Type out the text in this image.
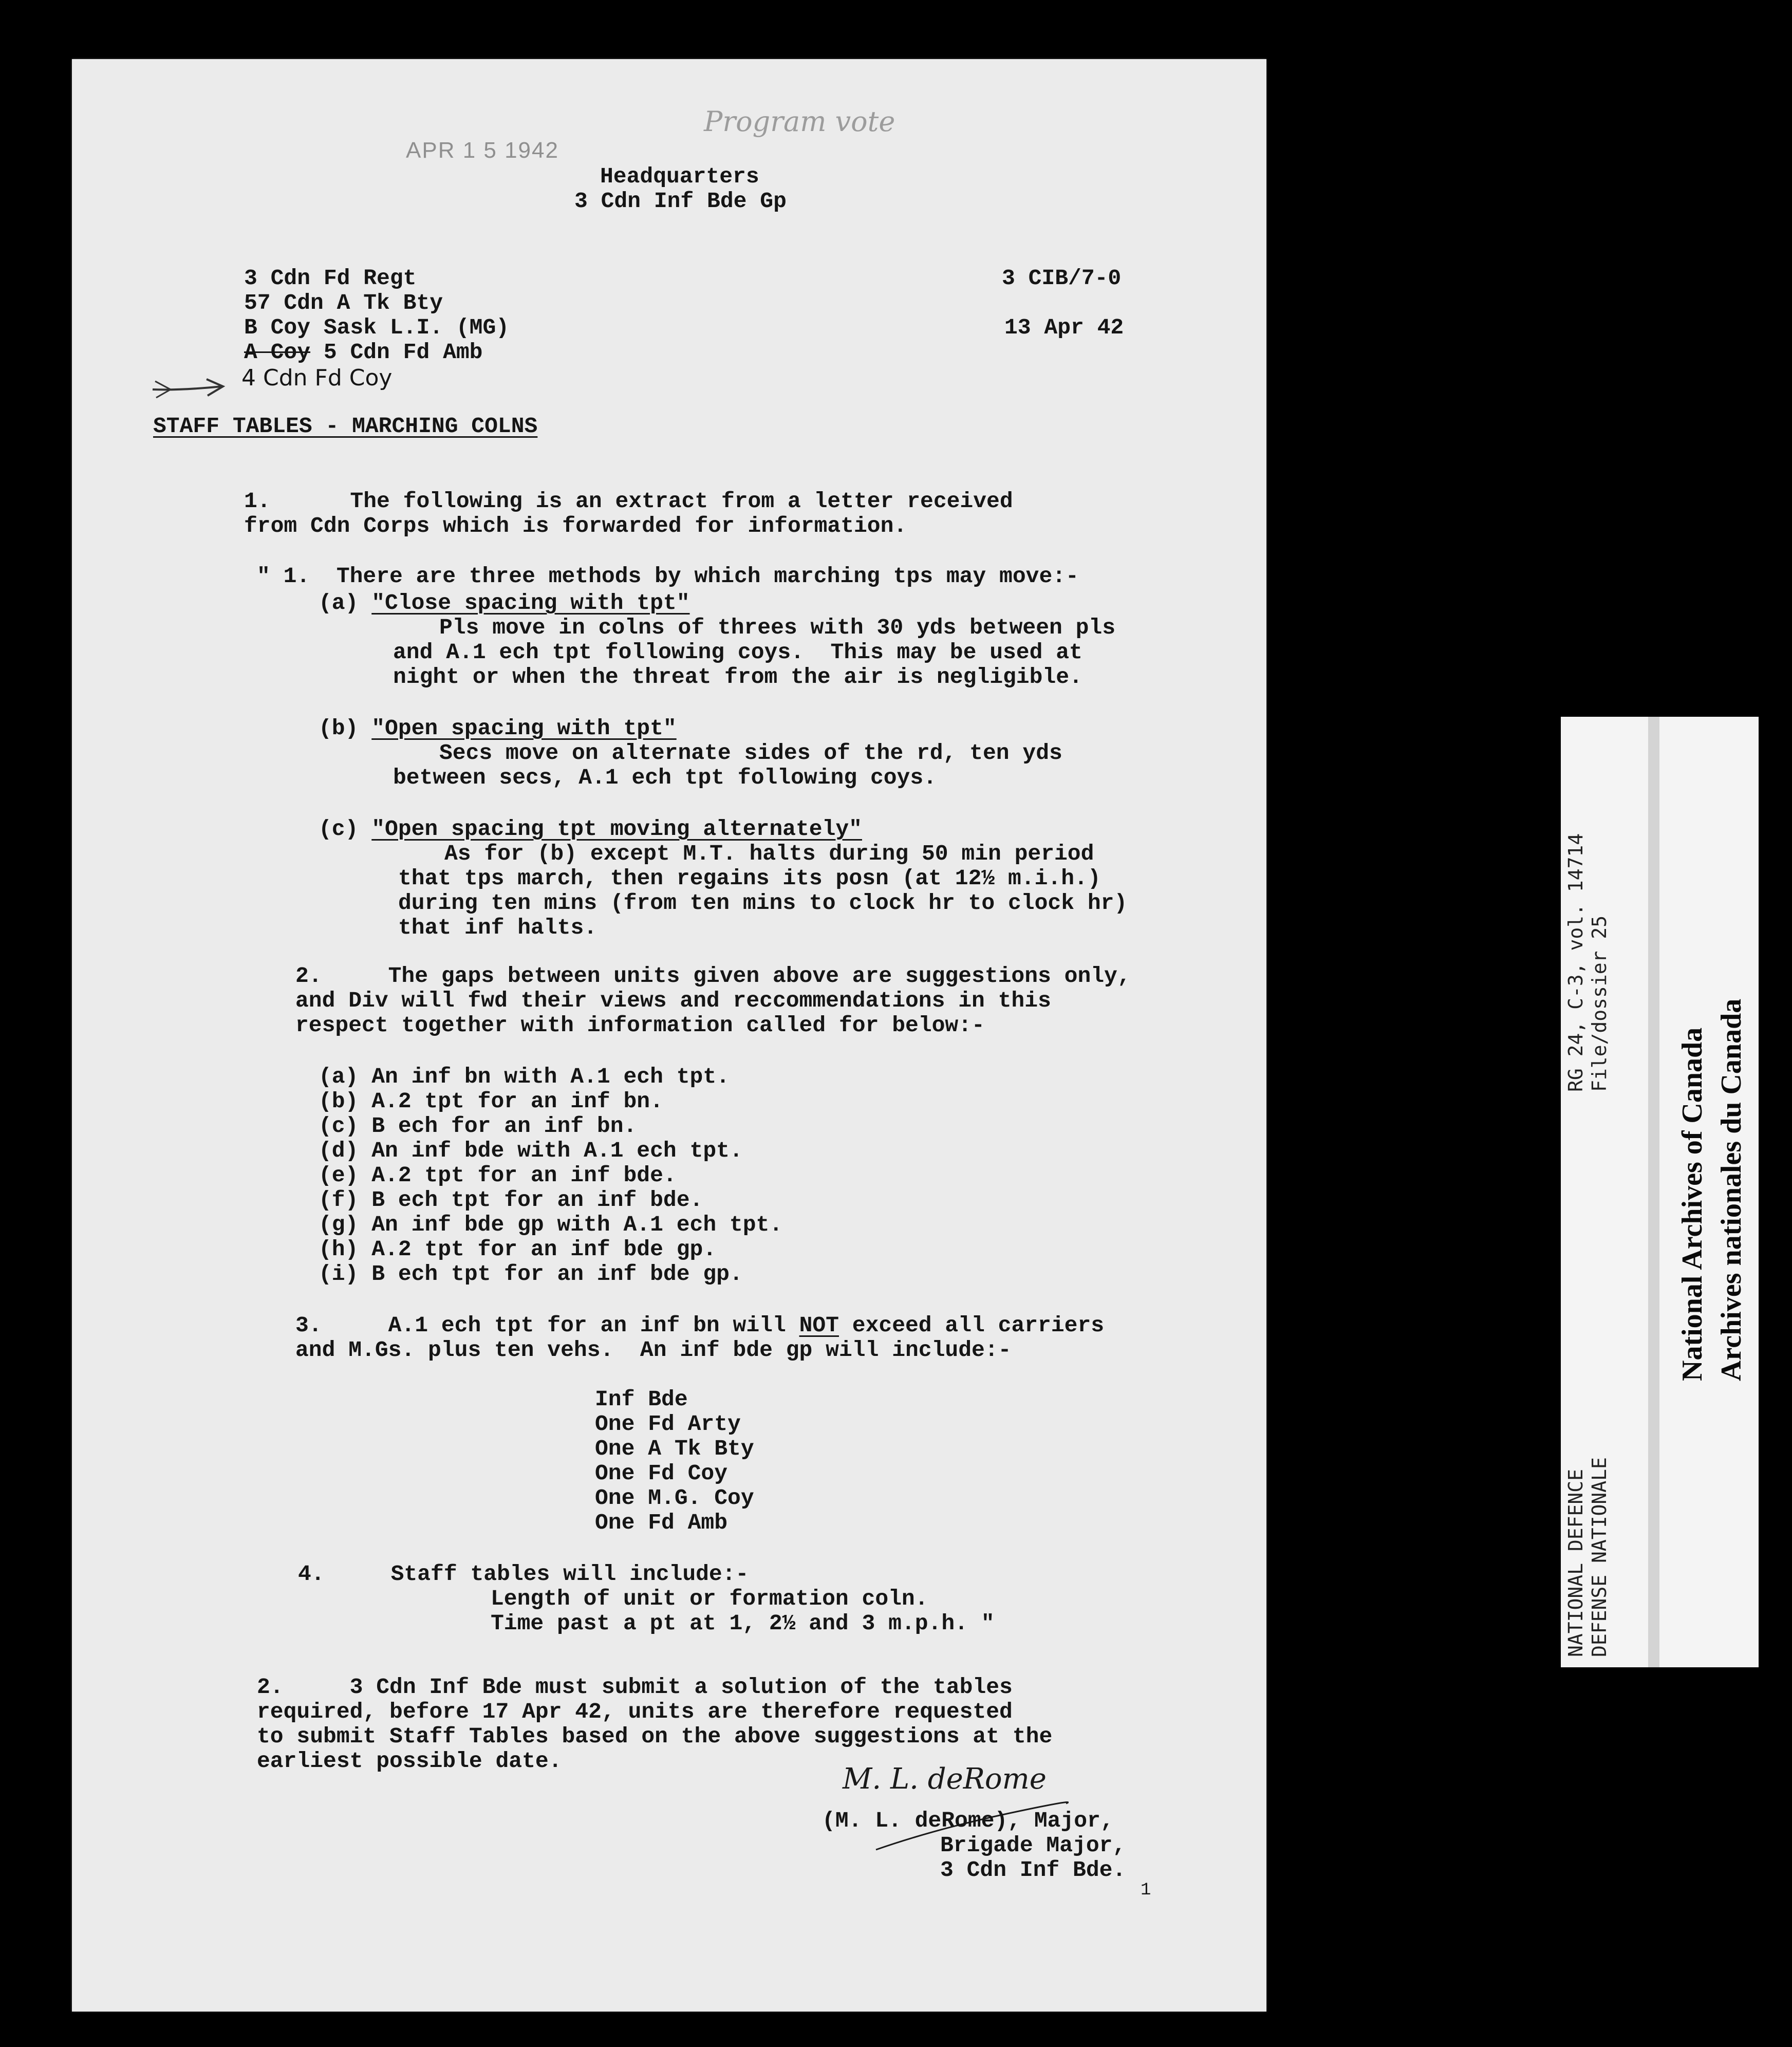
APR 1 5 1942
Program vote
Headquarters
3 Cdn Inf Bde Gp
3 Cdn Fd Regt
57 Cdn A Tk Bty
B Coy Sask L.I. (MG)
A Coy 5 Cdn Fd Amb
4 Cdn Fd Coy
3 CIB/7-0
13 Apr 42
STAFF TABLES - MARCHING COLNS
1.      The following is an extract from a letter received
from Cdn Corps which is forwarded for information.
" 1.  There are three methods by which marching tps may move:-
(a) "Close spacing with tpt"
Pls move in colns of threes with 30 yds between pls
and A.1 ech tpt following coys.  This may be used at
night or when the threat from the air is negligible.
(b) "Open spacing with tpt"
Secs move on alternate sides of the rd, ten yds
between secs, A.1 ech tpt following coys.
(c) "Open spacing tpt moving alternately"
As for (b) except M.T. halts during 50 min period
that tps march, then regains its posn (at 12½ m.i.h.)
during ten mins (from ten mins to clock hr to clock hr)
that inf halts.
2.     The gaps between units given above are suggestions only,
and Div will fwd their views and reccommendations in this
respect together with information called for below:-
(a) An inf bn with A.1 ech tpt.
(b) A.2 tpt for an inf bn.
(c) B ech for an inf bn.
(d) An inf bde with A.1 ech tpt.
(e) A.2 tpt for an inf bde.
(f) B ech tpt for an inf bde.
(g) An inf bde gp with A.1 ech tpt.
(h) A.2 tpt for an inf bde gp.
(i) B ech tpt for an inf bde gp.
3.     A.1 ech tpt for an inf bn will NOT exceed all carriers
and M.Gs. plus ten vehs.  An inf bde gp will include:-
Inf Bde
One Fd Arty
One A Tk Bty
One Fd Coy
One M.G. Coy
One Fd Amb
4.     Staff tables will include:-
Length of unit or formation coln.
Time past a pt at 1, 2½ and 3 m.p.h. "
2.     3 Cdn Inf Bde must submit a solution of the tables
required, before 17 Apr 42, units are therefore requested
to submit Staff Tables based on the above suggestions at the
earliest possible date.
M. L. deRome
(M. L. deRome), Major,
Brigade Major,
3 Cdn Inf Bde.
1
RG 24, C-3, vol. 14714 File/dossier 25
NATIONAL DEFENCE DEFENSE NATIONALE
National Archives of Canada Archives nationales du Canada
